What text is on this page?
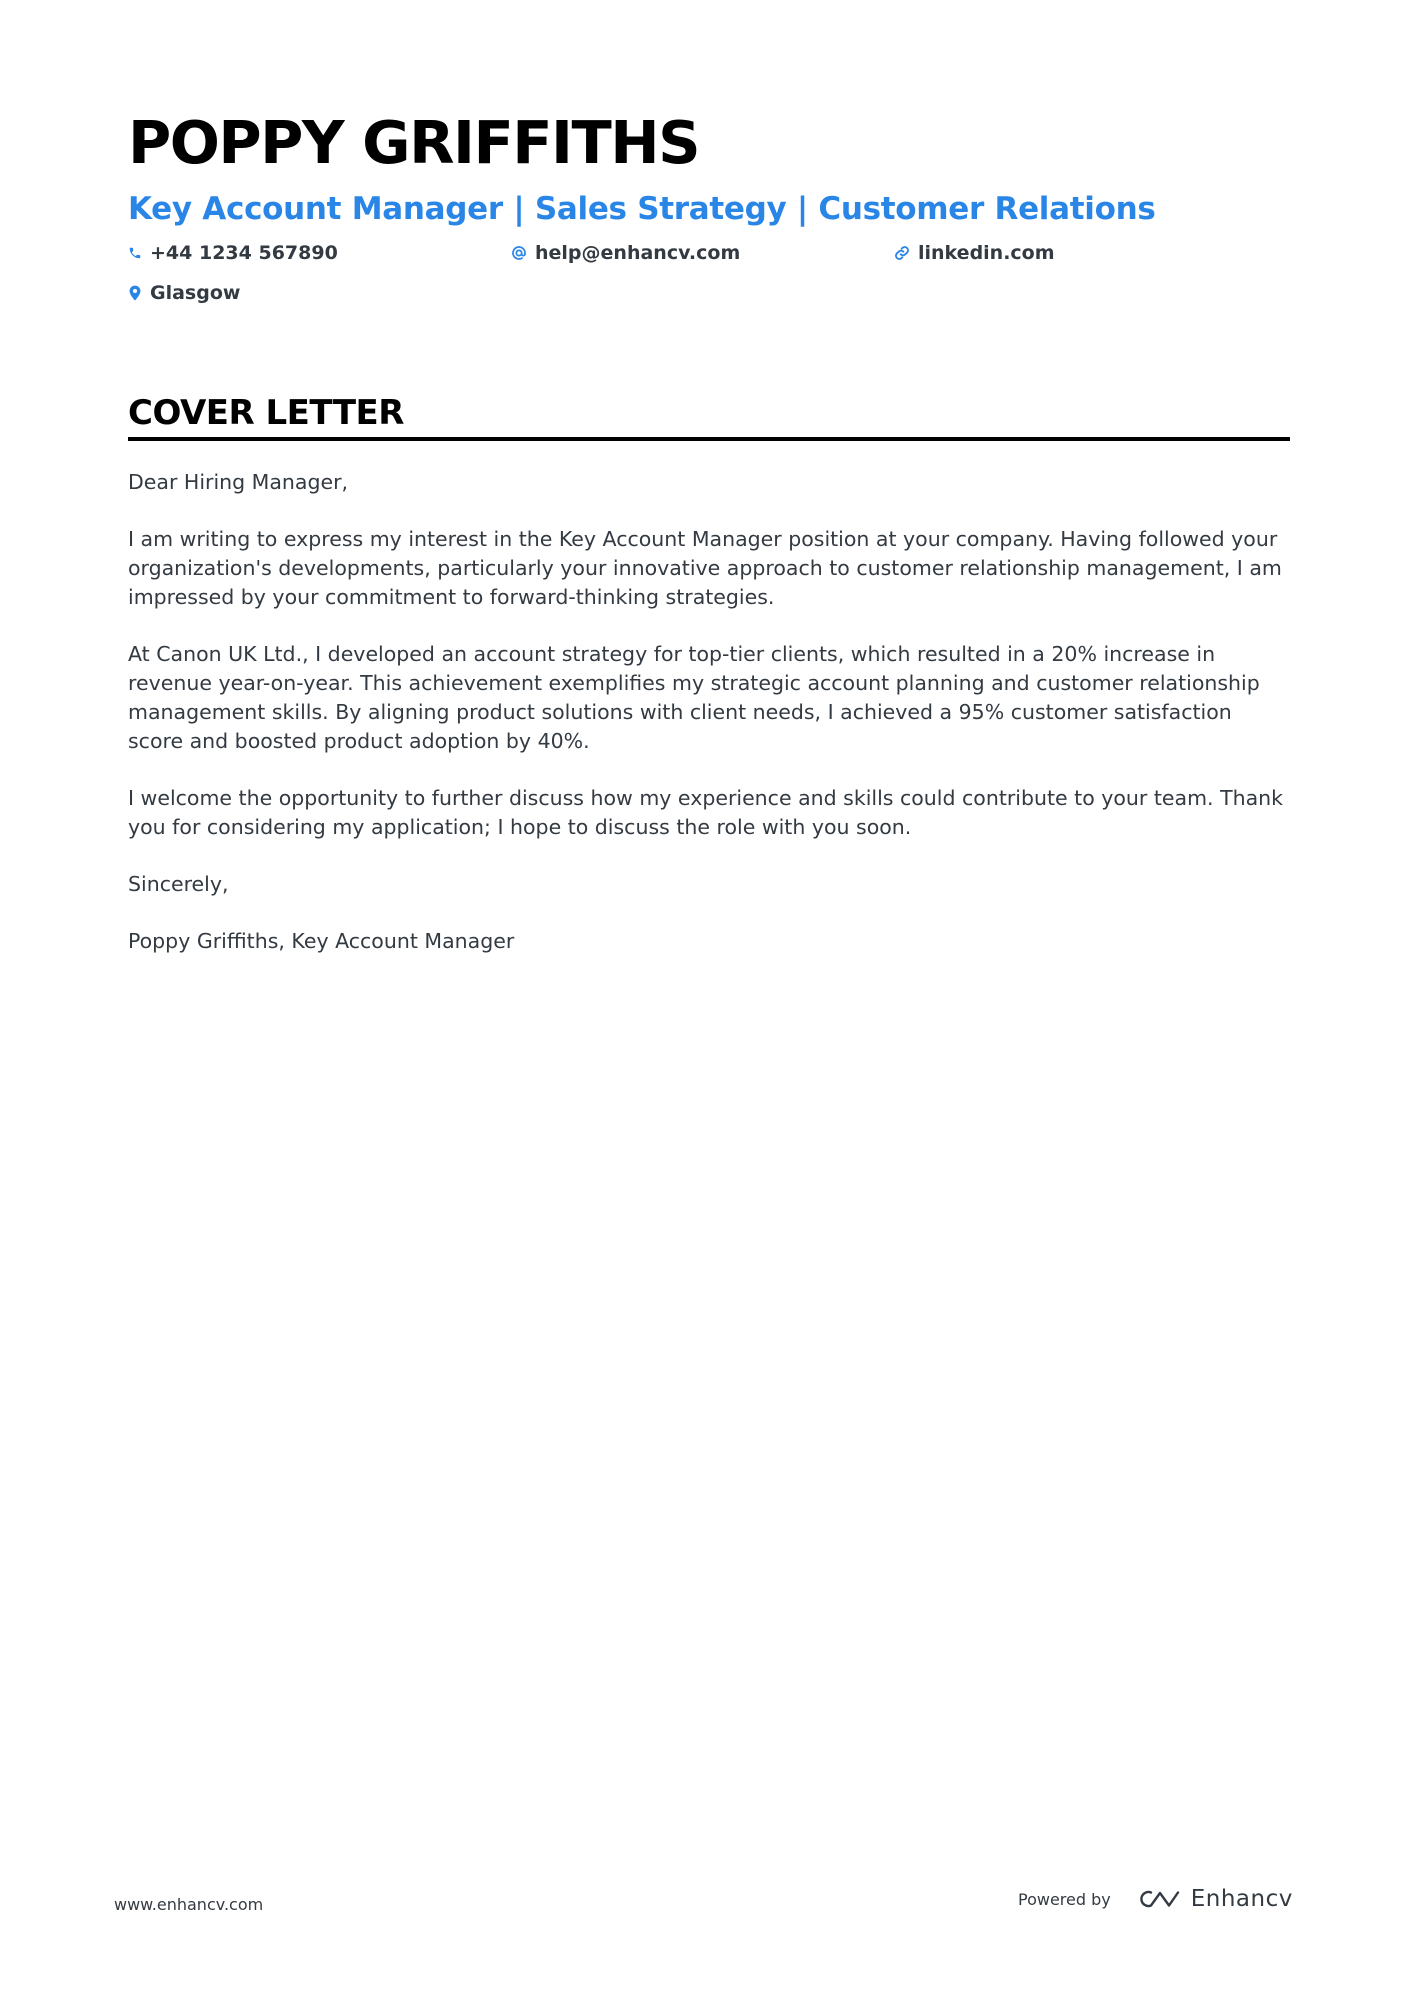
POPPY GRIFFITHS
Key Account Manager | Sales Strategy | Customer Relations
+44 1234 567890	help@enhancv.com	linkedin.com
Glasgow
COVER LETTER

Dear Hiring Manager,

I am writing to express my interest in the Key Account Manager position at your company. Having followed your organization's developments, particularly your innovative approach to customer relationship management, I am impressed by your commitment to forward-thinking strategies.

At Canon UK Ltd., I developed an account strategy for top-tier clients, which resulted in a 20% increase in revenue year-on-year. This achievement exemplifies my strategic account planning and customer relationship management skills. By aligning product solutions with client needs, I achieved a 95% customer satisfaction score and boosted product adoption by 40%.

I welcome the opportunity to further discuss how my experience and skills could contribute to your team. Thank you for considering my application; I hope to discuss the role with you soon.

Sincerely,

Poppy Griffiths, Key Account Manager

www.enhancv.com	Powered by	Enhancv
